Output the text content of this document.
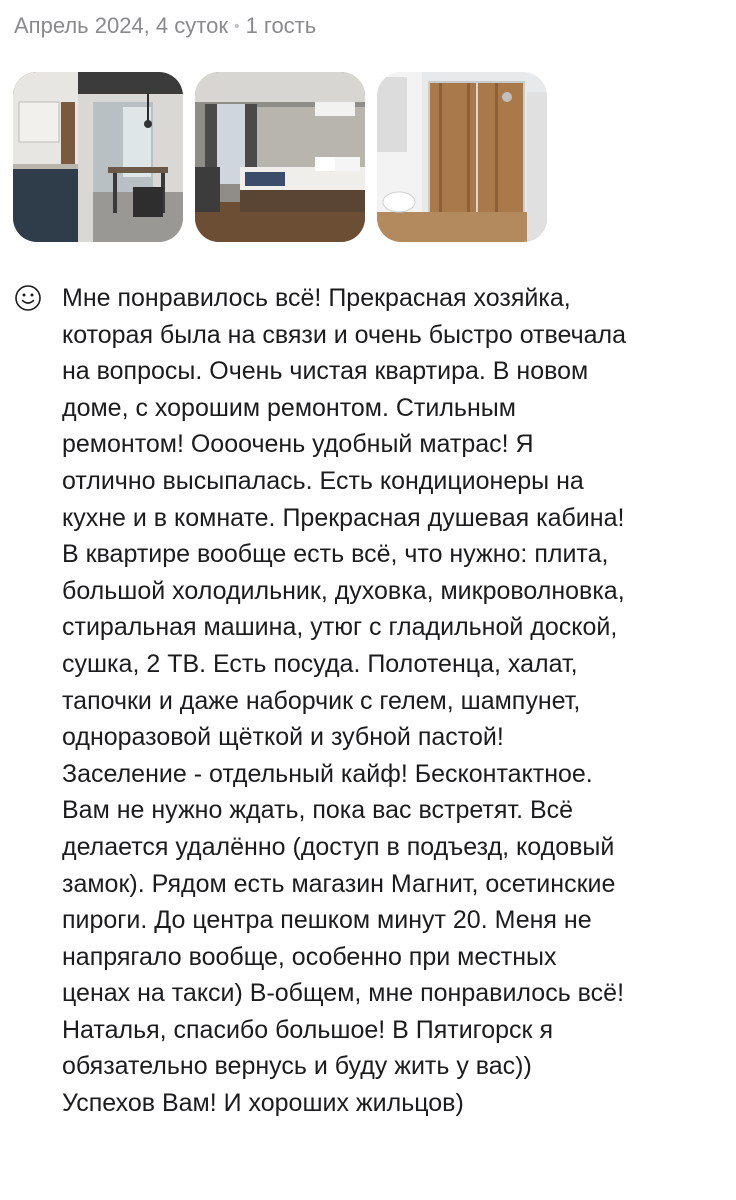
Апрель 2024, 4 суток • 1 гость
Мне понравилось всё! Прекрасная хозяйка,
которая была на связи и очень быстро отвечала
на вопросы. Очень чистая квартира. В новом
доме, с хорошим ремонтом. Стильным
ремонтом! Оооочень удобный матрас! Я
отлично высыпалась. Есть кондиционеры на
кухне и в комнате. Прекрасная душевая кабина!
В квартире вообще есть всё, что нужно: плита,
большой холодильник, духовка, микроволновка,
стиральная машина, утюг с гладильной доской,
сушка, 2 ТВ. Есть посуда. Полотенца, халат,
тапочки и даже наборчик с гелем, шампунет,
одноразовой щёткой и зубной пастой!
Заселение - отдельный кайф! Бесконтактное.
Вам не нужно ждать, пока вас встретят. Всё
делается удалённо (доступ в подъезд, кодовый
замок). Рядом есть магазин Магнит, осетинские
пироги. До центра пешком минут 20. Меня не
напрягало вообще, особенно при местных
ценах на такси) В-общем, мне понравилось всё!
Наталья, спасибо большое! В Пятигорск я
обязательно вернусь и буду жить у вас))
Успехов Вам! И хороших жильцов)
